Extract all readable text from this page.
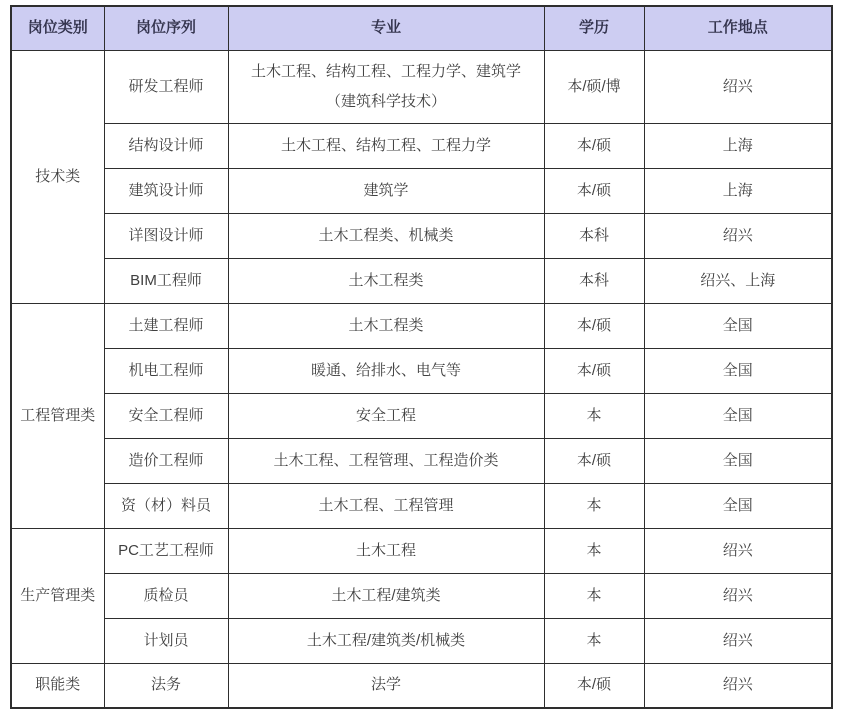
岗位类别	岗位序列	专业	学历	工作地点
技术类	研发工程师	土木工程、结构工程、工程力学、建筑学（建筑科学技术）	本/硕/博	绍兴
	结构设计师	土木工程、结构工程、工程力学	本/硕	上海
	建筑设计师	建筑学	本/硕	上海
	详图设计师	土木工程类、机械类	本科	绍兴
	BIM工程师	土木工程类	本科	绍兴、上海
工程管理类	土建工程师	土木工程类	本/硕	全国
	机电工程师	暖通、给排水、电气等	本/硕	全国
	安全工程师	安全工程	本	全国
	造价工程师	土木工程、工程管理、工程造价类	本/硕	全国
	资（材）料员	土木工程、工程管理	本	全国
生产管理类	PC工艺工程师	土木工程	本	绍兴
	质检员	土木工程/建筑类	本	绍兴
	计划员	土木工程/建筑类/机械类	本	绍兴
职能类	法务	法学	本/硕	绍兴
